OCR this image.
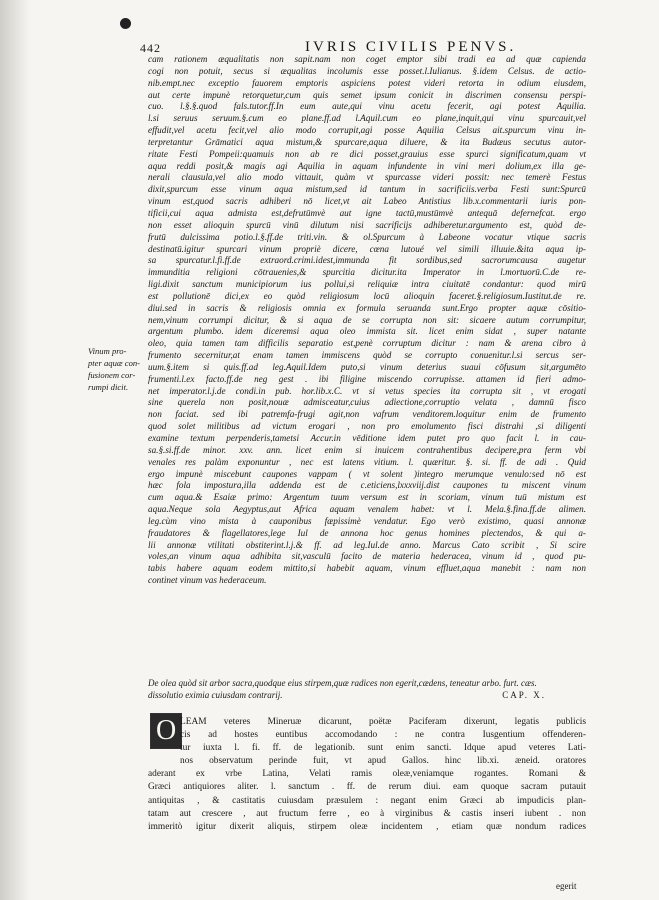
442	IVRIS CIVILIS PENVS.
cam rationem æqualitatis non sapit.nam non coget emptor sibi tradi ea ad quæ capienda
cogi non potuit, secus si æqualitas incolumis esse posset.l.Iulianus. §.idem Celsus. de actio-
nib.empt.nec exceptio fauorem emptoris aspiciens potest videri retorta in odium eiusdem,
aut certe impunè retorquetur,cum quis semet ipsum conicit in discrimen consensu perspi-
cuo. l.§.§.quod fals.tutor.ff.In eum aute,qui vinu acetu fecerit, agi potest Aquilia.
l.si seruus seruum.§.cum eo plane.ff.ad l.Aquil.cum eo plane,inquit,qui vinu spurcauit,vel
effudit,vel acetu fecit,vel alio modo corrupit,agi posse Aquilia Celsus ait.spurcum vinu in-
terpretantur Grāmatici aqua mistum,& spurcare,aqua diluere, & ita Budæus secutus autor-
ritate Festi Pompeii:quamuis non ab re dici posset,grauius esse spurci significatum,quam vt
aqua reddi posit,& magis agi Aquilia in aquam infundente in vini meri dolium,ex illa ge-
nerali clausula,vel alio modo vittauit, quàm vt spurcasse videri possit: nec temerè Festus
dixit,spurcum esse vinum aqua mistum,sed id tantum in sacrificiis.verba Festi sunt:Spurcū
vinum est,quod sacris adhiberi nō licet,vt ait Labeo Antistius lib.x.commentarii iuris pon-
tificii,cui aqua admista est,defrutūmvè aut igne tactū,mustūmvè antequā defernefcat. ergo
non esset alioquin spurcū vinū dilutum nisi sacrificijs adhiberetur.argumento est, quòd de-
frutū dulcissima potio.l.§.ff.de triti.vin. & ol.Spurcum à Labeone vocatur vtique sacris
destinatū.igitur spurcari vinum propriè dicere, cœna lutoué vel simili illuuie.&ita aqua ip-
sa spurcatur.l.fi.ff.de extraord.crimi.idest,immunda fit sordibus,sed sacrorumcausa augetur
immunditia religioni cōtrauenies,& spurcitia dicitur.ita Imperator in l.mortuorū.C.de re-
ligi.dixit sanctum municipiorum ius pollui,si reliquiæ intra ciuitatē condantur: quod mirū
est pollutionē dici,ex eo quòd religiosum locū alioquin faceret.§.religiosum.Iustitut.de re.
diui.sed in sacris & religiosis omnia ex formula seruanda sunt.Ergo propter aquæ cōsitio-
nem,vinum corrumpi dicitur, & si aqua de se corrupta non sit: sicaere autum corrumpitur,
argentum plumbo. idem diceremsi aqua oleo immista sit. licet enim sidat , super natante
oleo, quia tamen tam difficilis separatio est,penè corruptum dicitur : nam & arena cibro à
frumento secernitur,at enam tamen immiscens quòd se corrupto conuenitur.l.si sercus ser-
uum.§.item si quis.ff.ad leg.Aquil.Idem puto,si vinum deterius suaui cōfusum sit,argumēto
frumenti.l.ex facto.ff.de neg gest . ibi filigine miscendo corrupisse. attamen id fieri admo-
net imperator.l.j.de condi.in pub. hor.lib.x.C. vt si vetus species ita corrupta sit , vt erogati
sine querela non posit,nouæ admisceatur,cuius adiectione,corruptio velata , damnū fisco
non faciat. sed ibi patremfa-frugi agit,non vafrum venditorem.loquitur enim de frumento
quod solet militibus ad victum erogari , non pro emolumento fisci distrahi ,si diligenti
examine textum perpenderis,tametsi Accur.in vēditione idem putet pro quo facit l. in cau-
sa.§.si.ff.de minor. xxv. ann. licet enim si inuicem contrahentibus decipere,pra ferm vbi
venales res palàm exponuntur , nec est latens vitium. l. quæritur. §. si. ff. de adi . Quid
ergo impunè miscebunt caupones vappam ( vt solent )integro merumque venulo:sed nō est
hæc fola impostura,illa addenda est de c.eticiens,lxxxviij.dist caupones tu miscent vinum
cum aqua.& Esaiæ primo: Argentum tuum versum est in scoriam, vinum tuū mistum est
aqua.Neque sola Aegyptus,aut Africa aquam venalem habet: vt l. Mela.§.fina.ff.de alimen.
leg.cùm vino mista à cauponibus fæpissimè vendatur. Ego verò existimo, quasi annonæ
fraudatores & flagellatores,lege Iul de annona hoc genus homines plectendos, & qui a-
lii annonæ vtilitati obstiterint.l.j.& ff. ad leg.Iul.de anno. Marcus Cato scribit , Si scire
voles,an vinum aqua adhibita sit,vasculū facito de materia hederacea, vinum id , quod pu-
tabis habere aquam eodem mittito,si habebit aquam, vinum effluet,aqua manebit : nam non
continet vinum vas hederaceum.
Vinum pro-
pter aquæ con-
fusionem cor-
rumpi dicit.
De olea quòd sit arbor sacra,quodque eius stirpem,quæ radices non egerit,cædens, teneatur arbo. furt. cæs.
dissolutio eximia cuiusdam contrarij.	CAP. X.
O LEAM veteres Mineruæ dicarunt, poëtæ Paciferam dixerunt, legatis publicis
cis ad hostes euntibus accomodando : ne contra Iusgentium offenderen-
tur iuxta l. fi. ff. de legationib. sunt enim sancti. Idque apud veteres Lati-
nos observatum perinde fuit, vt apud Gallos. hinc lib.xi. æneid. oratores
aderant ex vrbe Latina, Velati ramis oleæ,veniamque rogantes. Romani &
Græci antiquiores aliter. l. sanctum . ff. de rerum diui. eam quoque sacram putauit
antiquitas , & castitatis cuiusdam præsulem : negant enim Græci ab impudicis plan-
tatam aut crescere , aut fructum ferre , eo à virginibus & castis inseri iubent . non
immeritò igitur dixerit aliquis, stirpem oleæ incidentem , etiam quæ nondum radices
egerit
